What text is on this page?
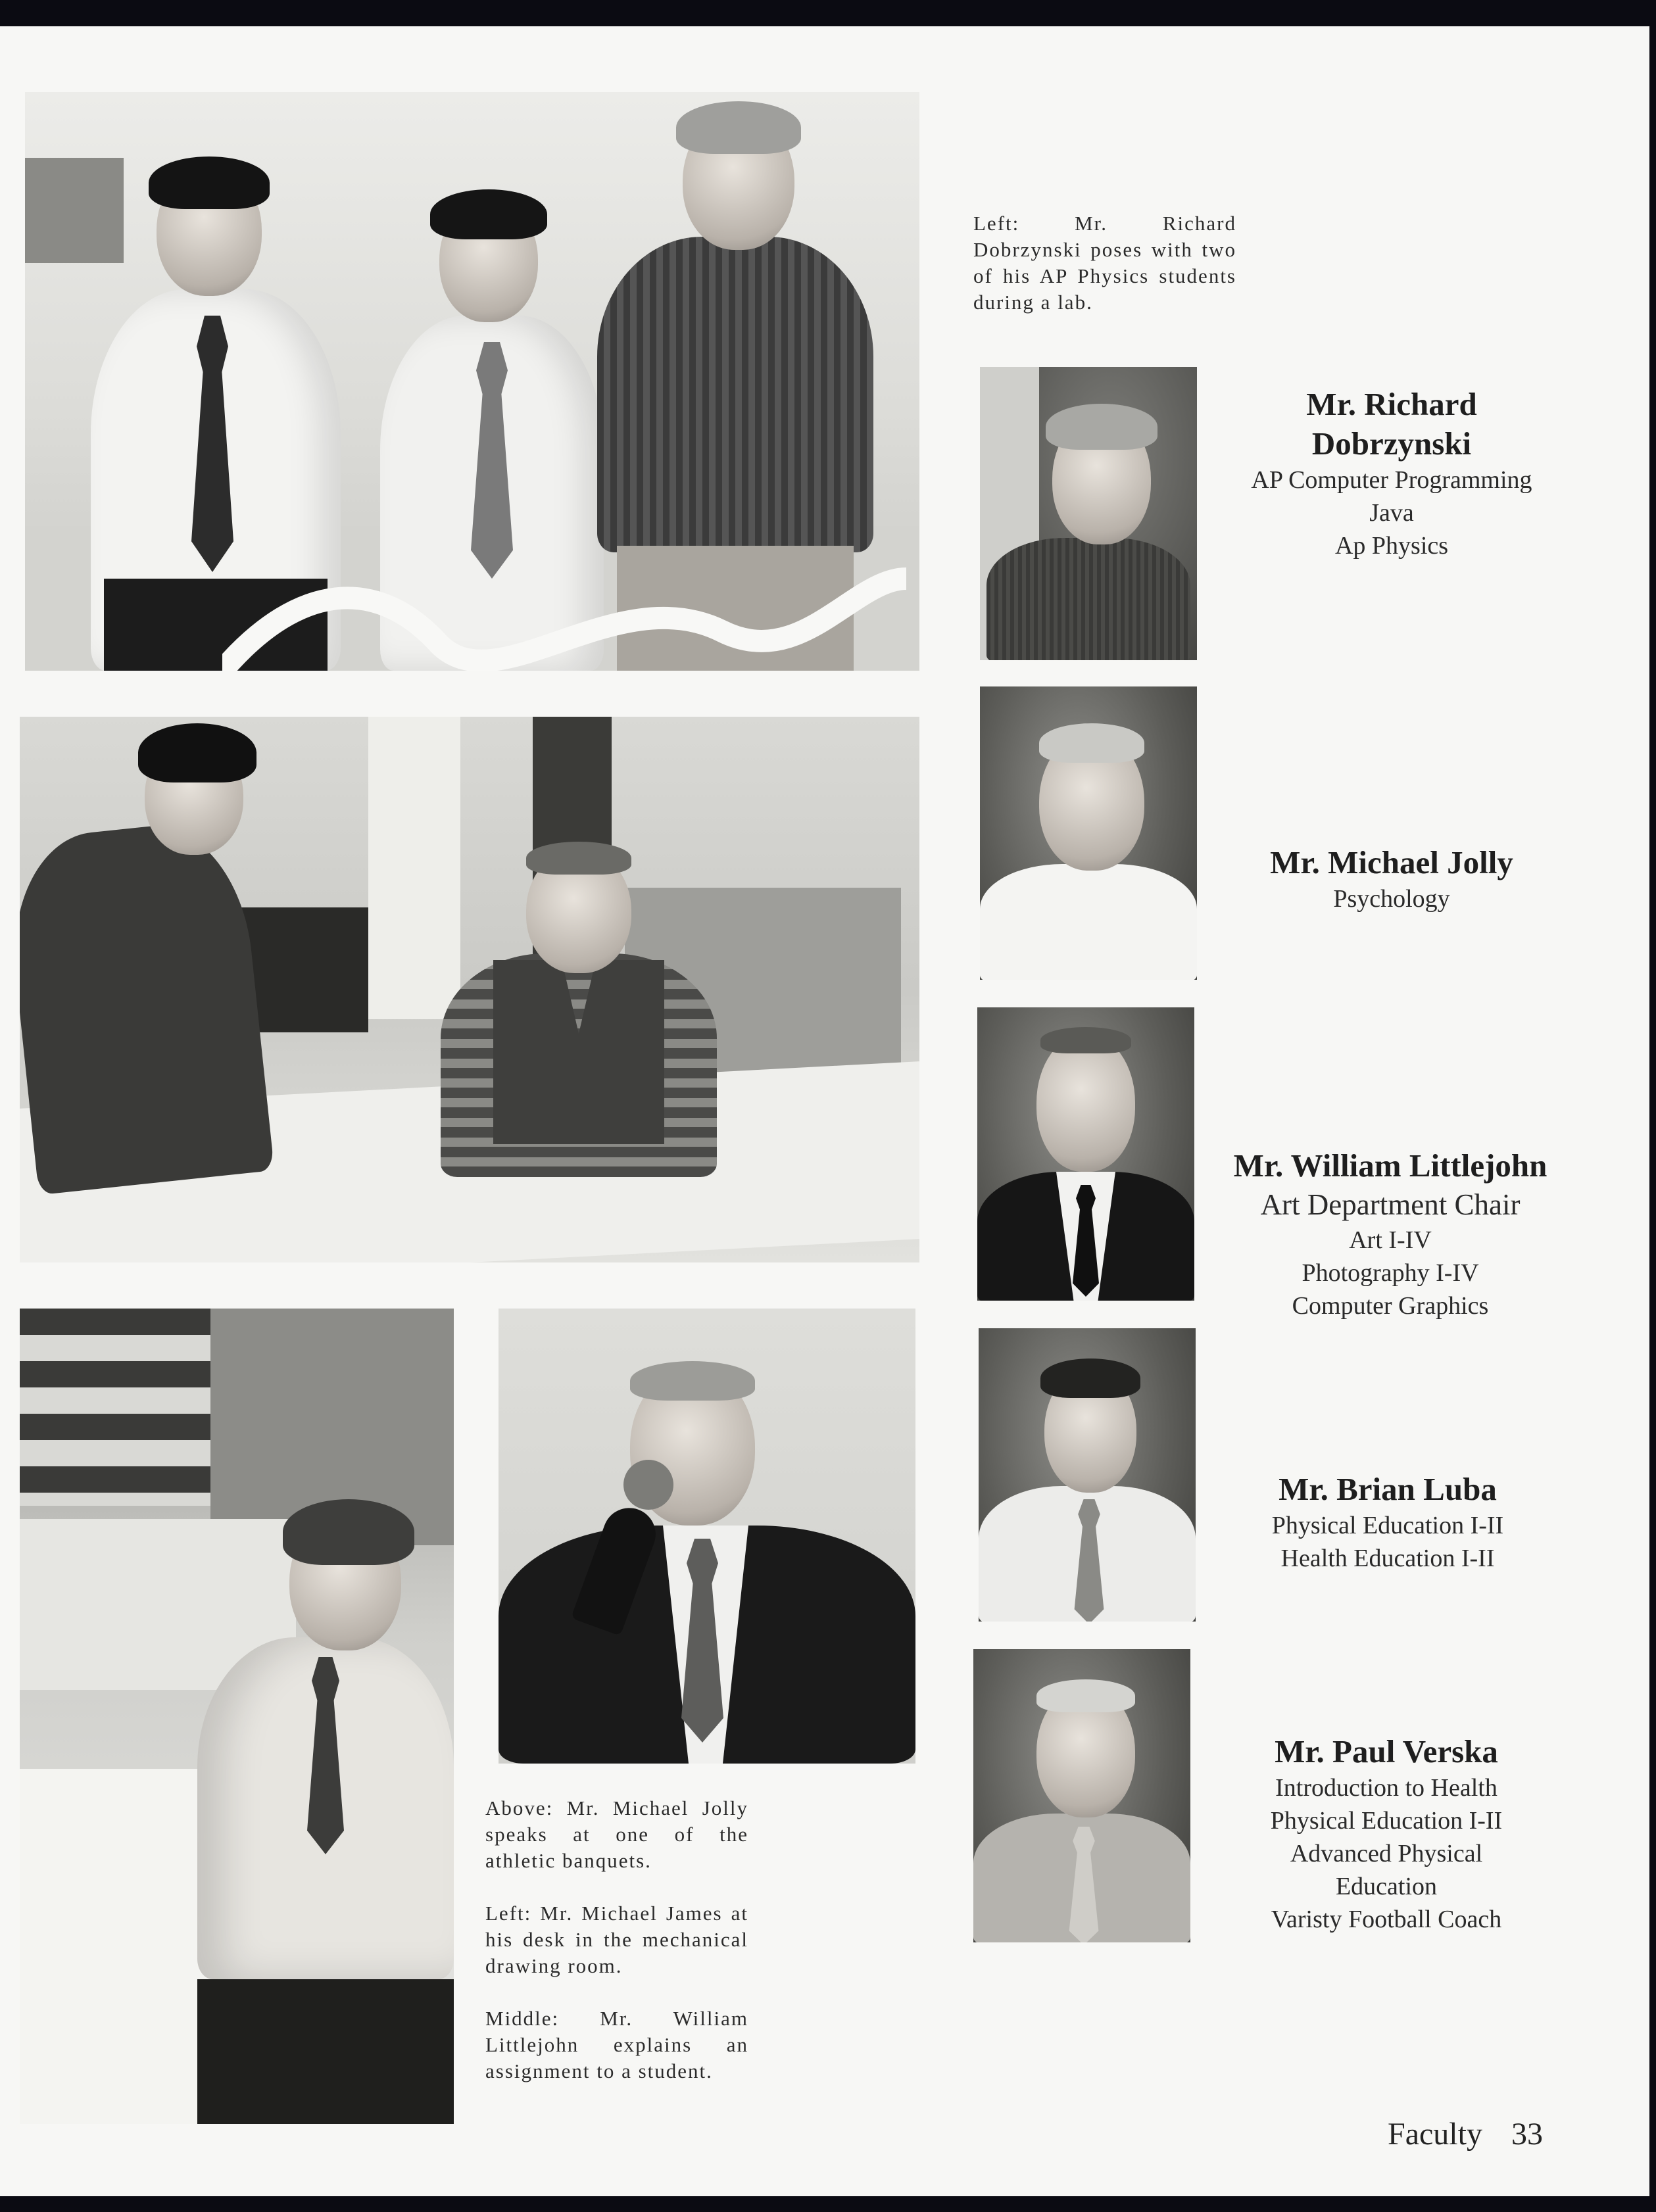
Left: Mr. Richard Dobrzynski poses with two of his AP Physics students during a lab.

Above: Mr. Michael Jolly speaks at one of the athletic banquets.

Left: Mr. Michael James at his desk in the mechanical drawing room.

Middle: Mr. William Littlejohn explains an assignment to a student.

Mr. Richard
Dobrzynski
AP Computer Programming
Java
Ap Physics
Mr. Michael Jolly
Psychology
Mr. William Littlejohn
Art Department Chair
Art I-IV
Photography I-IV
Computer Graphics
Mr. Brian Luba
Physical Education I-II
Health Education I-II
Mr. Paul Verska
Introduction to Health
Physical Education I-II
Advanced Physical
Education
Varisty Football Coach
Faculty 33
